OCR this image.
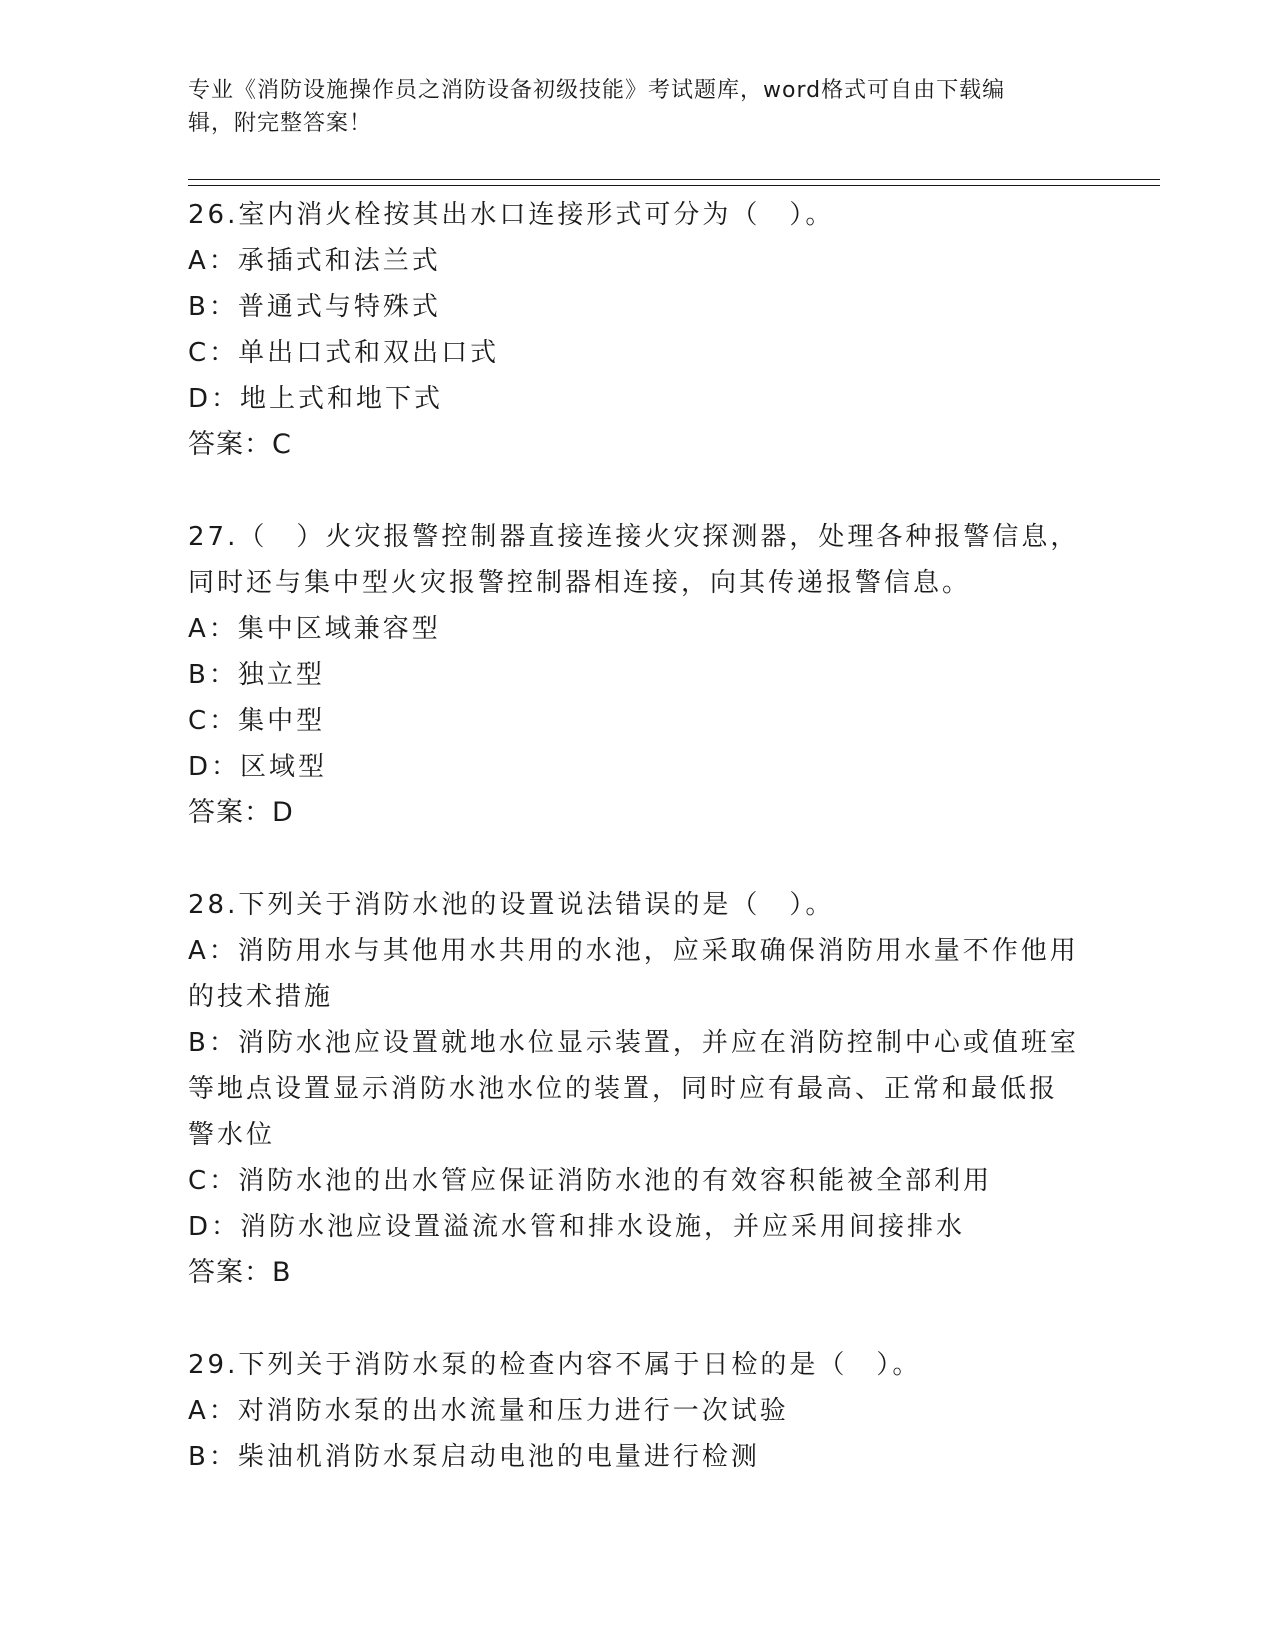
专业《消防设施操作员之消防设备初级技能》考试题库，word格式可自由下载编
辑，附完整答案！

26.室内消火栓按其出水口连接形式可分为（　）。

A：承插式和法兰式

B：普通式与特殊式

C：单出口式和双出口式

D：地上式和地下式

答案：C

27.（　）火灾报警控制器直接连接火灾探测器，处理各种报警信息，

同时还与集中型火灾报警控制器相连接，向其传递报警信息。

A：集中区域兼容型

B：独立型

C：集中型

D：区域型

答案：D

28.下列关于消防水池的设置说法错误的是（　）。

A：消防用水与其他用水共用的水池，应采取确保消防用水量不作他用

的技术措施

B：消防水池应设置就地水位显示装置，并应在消防控制中心或值班室

等地点设置显示消防水池水位的装置，同时应有最高、正常和最低报

警水位

C：消防水池的出水管应保证消防水池的有效容积能被全部利用

D：消防水池应设置溢流水管和排水设施，并应采用间接排水

答案：B

29.下列关于消防水泵的检查内容不属于日检的是（　）。

A：对消防水泵的出水流量和压力进行一次试验

B：柴油机消防水泵启动电池的电量进行检测
